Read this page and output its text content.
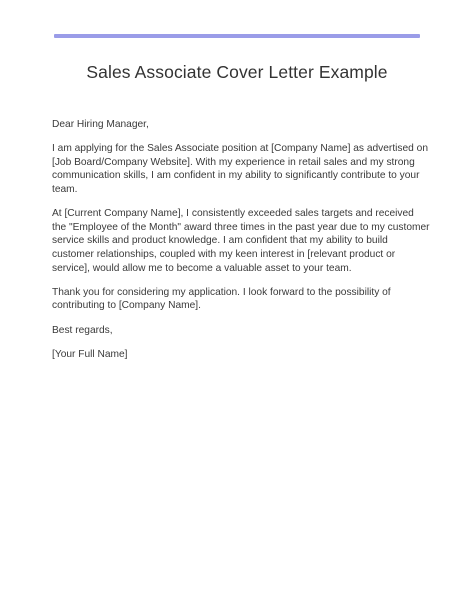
Sales Associate Cover Letter Example

Dear Hiring Manager,

I am applying for the Sales Associate position at [Company Name] as advertised on
[Job Board/Company Website]. With my experience in retail sales and my strong
communication skills, I am confident in my ability to significantly contribute to your
team.

At [Current Company Name], I consistently exceeded sales targets and received
the "Employee of the Month" award three times in the past year due to my customer
service skills and product knowledge. I am confident that my ability to build
customer relationships, coupled with my keen interest in [relevant product or
service], would allow me to become a valuable asset to your team.

Thank you for considering my application. I look forward to the possibility of
contributing to [Company Name].

Best regards,

[Your Full Name]
